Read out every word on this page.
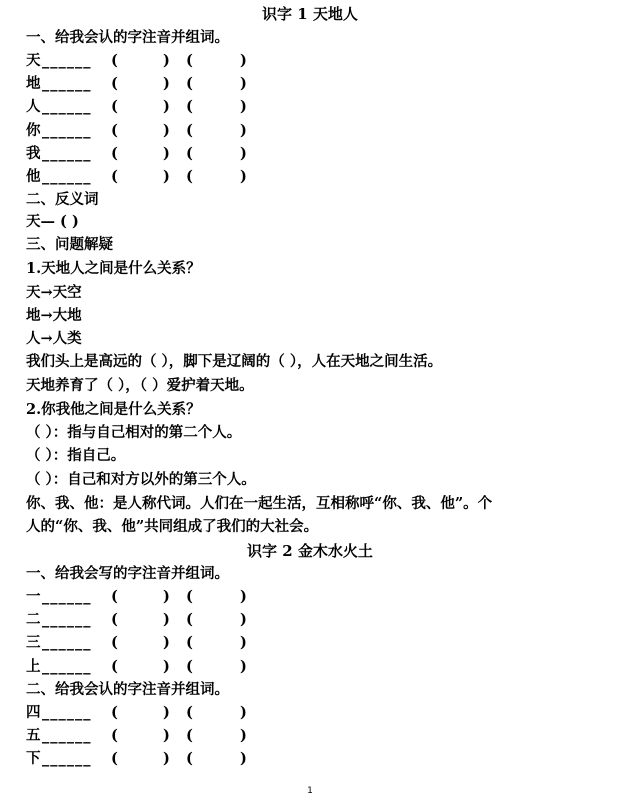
识字 1 天地人
一、给我会认的字注音并组词。
天 ______ (	) (	)
地 ______ (	) (	)
人 ______ (	) (	)
你 ______ (	) (	)
我 ______ (	) (	)
他 ______ (	) (	)
二、反义词
天— ( )
三、问题解疑
1.天地人之间是什么关系？
天→天空
地→大地
人→人类
我们头上是高远的（ ），脚下是辽阔的（ ），人在天地之间生活。
天地养育了（ ），（ ）爱护着天地。
2.你我他之间是什么关系？
（ ）：指与自己相对的第二个人。
（ ）：指自己。
（ ）：自己和对方以外的第三个人。
你、我、他：是人称代词。人们在一起生活，互相称呼“你、我、他”。个
人的“你、我、他”共同组成了我们的大社会。
识字 2 金木水火土
一、给我会写的字注音并组词。
一 ______ (	) (	)
二 ______ (	) (	)
三 ______ (	) (	)
上 ______ (	) (	)
二、给我会认的字注音并组词。
四 ______ (	) (	)
五 ______ (	) (	)
下 ______ (	) (	)
1
